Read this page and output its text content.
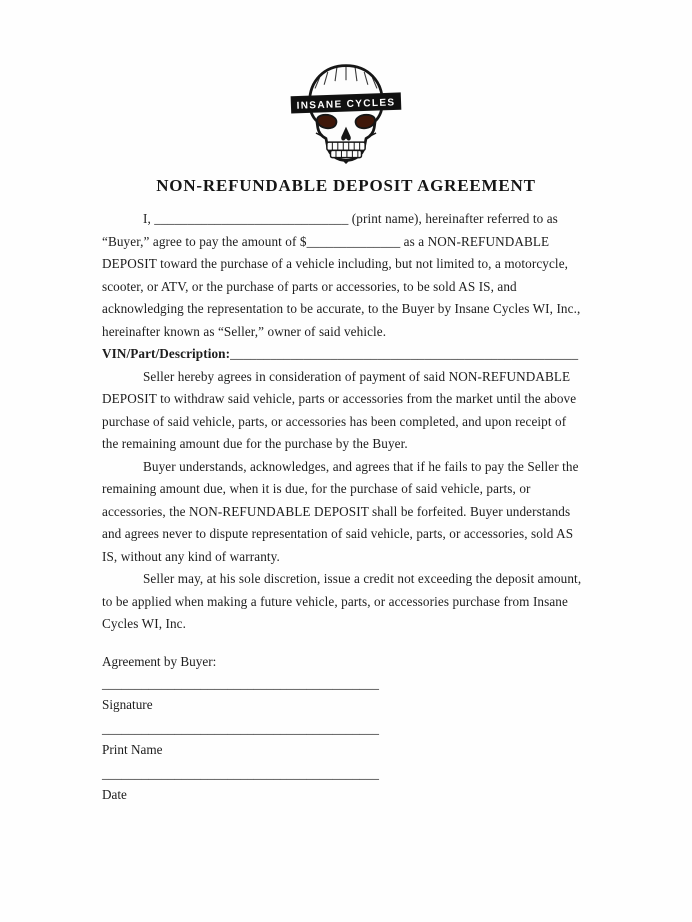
INSANE CYCLES
NON-REFUNDABLE DEPOSIT AGREEMENT
I, _____________________________ (print name), hereinafter referred to as
“Buyer,” agree to pay the amount of $______________ as a NON-REFUNDABLE
DEPOSIT toward the purchase of a vehicle including, but not limited to, a motorcycle,
scooter, or ATV, or the purchase of parts or accessories, to be sold AS IS, and
acknowledging the representation to be accurate, to the Buyer by Insane Cycles WI, Inc.,
hereinafter known as “Seller,” owner of said vehicle.
VIN/Part/Description:____________________________________________________
Seller hereby agrees in consideration of payment of said NON-REFUNDABLE
DEPOSIT to withdraw said vehicle, parts or accessories from the market until the above
purchase of said vehicle, parts, or accessories has been completed, and upon receipt of
the remaining amount due for the purchase by the Buyer.
Buyer understands, acknowledges, and agrees that if he fails to pay the Seller the
remaining amount due, when it is due, for the purchase of said vehicle, parts, or
accessories, the NON-REFUNDABLE DEPOSIT shall be forfeited. Buyer understands
and agrees never to dispute representation of said vehicle, parts, or accessories, sold AS
IS, without any kind of warranty.
Seller may, at his sole discretion, issue a credit not exceeding the deposit amount,
to be applied when making a future vehicle, parts, or accessories purchase from Insane
Cycles WI, Inc.
Agreement by Buyer:
__________________________________________
Signature
__________________________________________
Print Name
__________________________________________
Date
